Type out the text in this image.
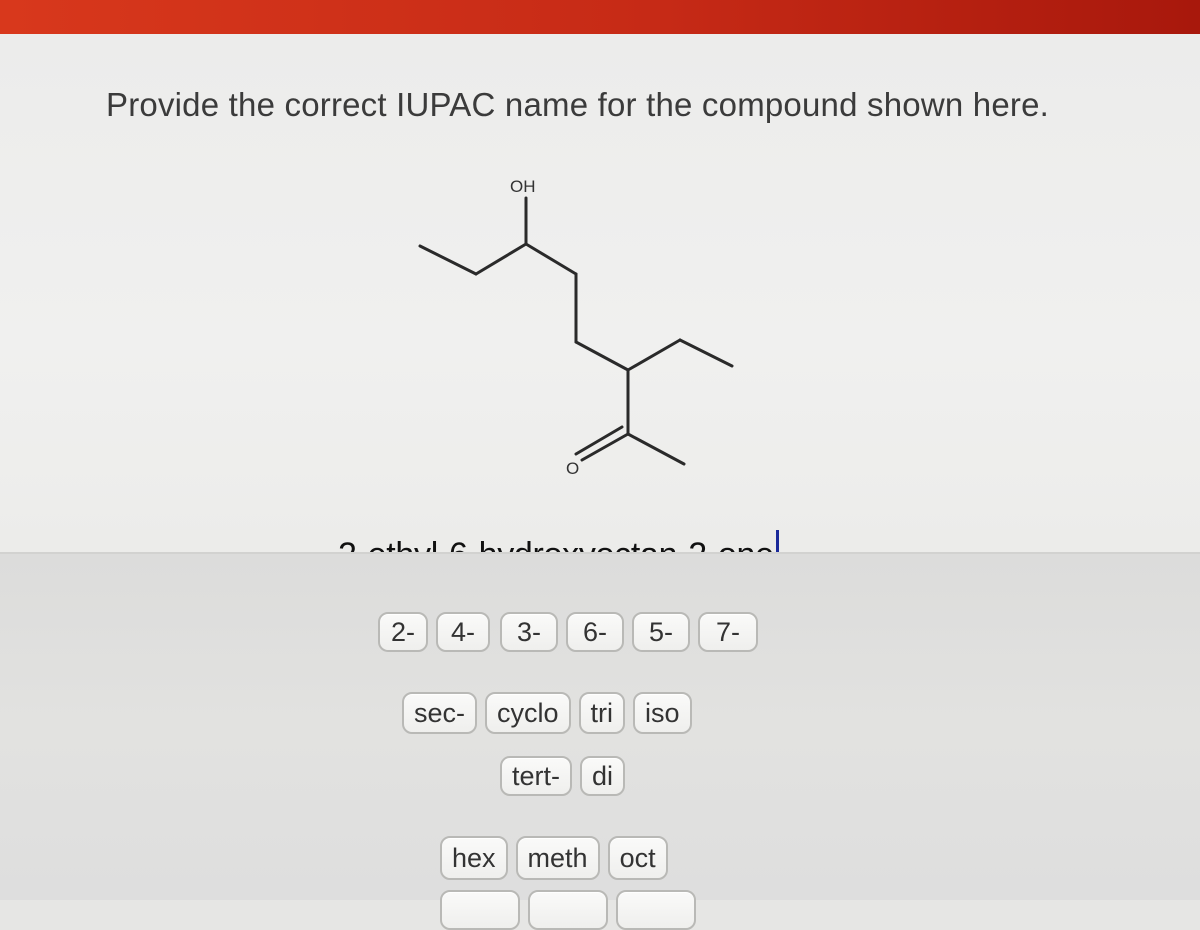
Provide the correct IUPAC name for the compound shown here.
OH
O
2-	4-	3-	6-	5-	7-
sec-	cyclo	tri	iso
tert-	di
hex	meth	oct
